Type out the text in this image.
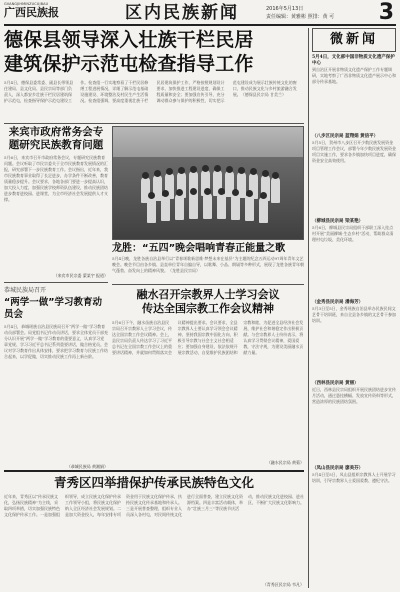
GVANGJIHMINZUCUJBAU
广西民族报	区内民族新闻	2016年5月13日
责任编辑：黄雅彬 照排：黄 可	3
德保县领导深入壮族干栏民居
建筑保护示范屯检查指导工作
5月4日，德保县委常委、副县长带领县住建局、县文化局、县民宗局等部门负责人，深入都安乡壮族干栏民居建筑保护示范屯，检查指导保护示范屯建设工作。检查组一行实地察看了干栏民居修缮工程进展情况，详细了解示范屯基础设施建设、环境整治及村民生产生活情况。检查组强调，要高度重视壮族干栏民居建筑保护工作，严格按照规划设计要求，加快推进工程建设进度，确保工程质量和安全；要加强宣传引导，充分调动群众参与保护的积极性，切实把示范屯建设成为展示壮族传统文化的窗口，推动民族文化与乡村旅游融合发展。（德保县民宗局 甘美兰）
来宾市政府常务会专题研究民族教育问题
5月6日，来宾市召开市政府常务会议，专题研究民族教育问题。会议听取了市民宗委关于全市民族教育发展情况的汇报，研究部署下一步民族教育工作。会议指出，近年来，我市民族教育事业取得了长足进步，办学条件不断改善，教育质量稳步提升。会议要求，各地各部门要进一步提高认识，加大投入力度，加强民族学校师资队伍建设，推动民族团结进步教育进校园、进课堂，为全市经济社会发展提供人才支撑。
（来宾市民宗委 蒙某宇 报道）
恭城民族局召开
“两学一做”学习教育动员会
5月4日，恭城瑶族自治县民族局召开“两学一做”学习教育动员部署会。局党组书记作动员讲话，要求全体党员干部充分认识开展“两学一做”学习教育的重要意义，认真学习党章党规、学习习近平总书记系列重要讲话，做合格党员。会议对学习教育作出具体安排，要求把学习教育与民族工作结合起来，以学促做，切实推动民族工作再上新台阶。
（恭城民族局 黄湘娟）
龙胜：“五四”晚会唱响青春正能量之歌
5月4日晚，龙胜各族自治县举行以“青春颂歌新思维·梦想未来在基层”为主题的纪念五四运动97周年青年文艺晚会。晚会节目由各乡镇、县直单位青年自编自导，以歌舞、小品、朗诵等多种形式，展现了龙胜各族青年朝气蓬勃、奋发向上的精神风貌。（龙胜县民宗局）
融水召开宗教界人士学习会议
传达全国宗教工作会议精神
5月6日下午，融水苗族自治县民宗局召开宗教界人士学习会议，传达全国宗教工作会议精神。会上，县民宗局负责人传达学习了习近平总书记在全国宗教工作会议上的重要讲话精神，并就如何贯彻落实会议精神提出要求。会议要求，全县宗教界人士要认真学习领会会议精神，坚持我国宗教中国化方向，积极引导宗教与社会主义社会相适应；要加强自身建设，依法依规开展宗教活动，自觉维护民族团结和宗教和睦，为促进全县经济社会发展、维护社会和谐稳定作出积极贡献。与会宗教界人士纷纷表示，将认真学习贯彻会议精神，爱国爱教，守法守规，为建设美丽融水贡献力量。
（融水民宗局 黄菊）
青秀区四举措保护传承民族特色文化
近年来，青秀区以“传承民族文化，弘扬民族精神”为主线，采取四项举措，切实加强民族特色文化保护传承工作。一是加强组织领导，成立民族文化保护传承工作领导小组，将民族文化保护纳入全区经济社会发展规划。二是加大资金投入，每年安排专项资金用于民族文化保护传承，扶持民族文化传承基地和传承人。三是开展普查整理，组织专业人员深入各村屯，对民间传统文化进行全面普查，建立民族文化资源档案。四是丰富活动载体，举办“壮族三月三”等民族节庆活动，推动民族文化进校园、进社区，不断扩大民族文化影响力。
（青秀区民宗局 韦凡）
微新闻
5月4日，文化部中国非物质文化遗产保护中心
到自治区开展非物质文化遗产保护工作专题调研，实地考察了广西非物质文化遗产展示中心和部分传承基地。
（八步区民宗局 蓝翔娟 黄信平）
5月5日，贺州市八步区召开少数民族发展资金项目管理工作会议，部署今年少数民族发展资金项目实施工作，要求各乡镇加快项目进度，确保资金安全高效使用。
（柳城县民宗局 梁某艳）
5月6日，柳城县民宗局组织干部职工深入挂点村开展“美丽柳城·生态乡村”活动，帮助群众清理村屯垃圾、美化环境。
（金秀县民宗局 潘海芳）
5月3日至5日，金秀瑶族自治县举办民族民间文艺骨干培训班，来自全县各乡镇的文艺骨干参加培训。
（西林县民宗局 黄丽）
近日，西林县民宗局组织开展民族团结进步宣传月活动，通过悬挂横幅、发放宣传资料等形式，营造浓厚的民族团结氛围。
（凤山县民宗局 廖美芬）
5月4日至5日，凤山县组织宗教界人士开展学习培训，引导宗教界人士爱国爱教、遵纪守法。
